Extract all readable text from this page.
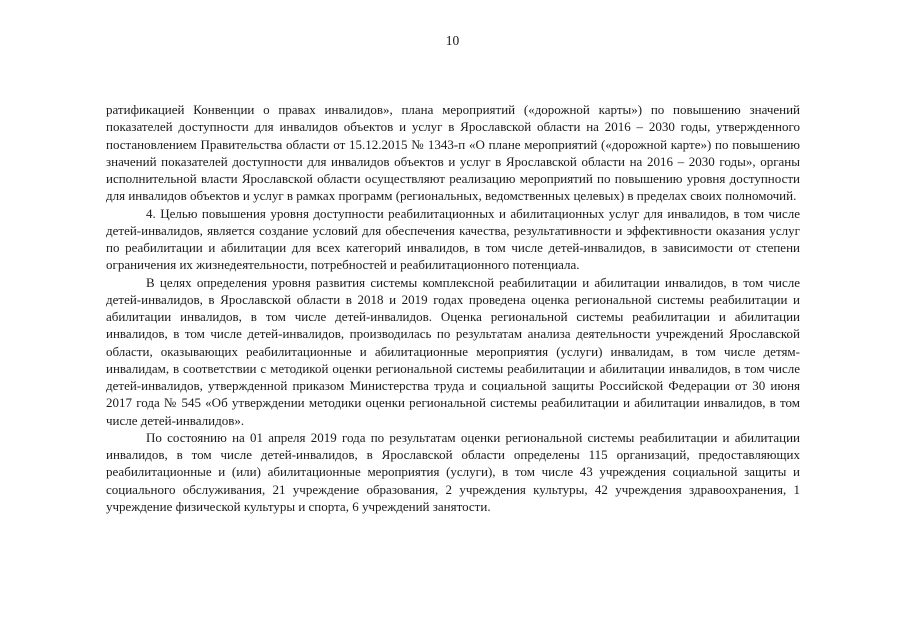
10

ратификацией Конвенции о правах инвалидов», плана мероприятий («дорожной карты») по повышению значений показателей доступности для инвалидов объектов и услуг в Ярославской области на 2016 – 2030 годы, утвержденного постановлением Правительства области от 15.12.2015 № 1343-п «О плане мероприятий («дорожной карте») по повышению значений показателей доступности для инвалидов объектов и услуг в Ярославской области на 2016 – 2030 годы», органы исполнительной власти Ярославской области осуществляют реализацию мероприятий по повышению уровня доступности для инвалидов объектов и услуг в рамках программ (региональных, ведомственных целевых) в пределах своих полномочий.

4. Целью повышения уровня доступности реабилитационных и абилитационных услуг для инвалидов, в том числе детей-инвалидов, является создание условий для обеспечения качества, результативности и эффективности оказания услуг по реабилитации и абилитации для всех категорий инвалидов, в том числе детей-инвалидов, в зависимости от степени ограничения их жизнедеятельности, потребностей и реабилитационного потенциала.

В целях определения уровня развития системы комплексной реабилитации и абилитации инвалидов, в том числе детей-инвалидов, в Ярославской области в 2018 и 2019 годах проведена оценка региональной системы реабилитации и абилитации инвалидов, в том числе детей-инвалидов. Оценка региональной системы реабилитации и абилитации инвалидов, в том числе детей-инвалидов, производилась по результатам анализа деятельности учреждений Ярославской области, оказывающих реабилитационные и абилитационные мероприятия (услуги) инвалидам, в том числе детям-инвалидам, в соответствии с методикой оценки региональной системы реабилитации и абилитации инвалидов, в том числе детей-инвалидов, утвержденной приказом Министерства труда и социальной защиты Российской Федерации от 30 июня 2017 года № 545 «Об утверждении методики оценки региональной системы реабилитации и абилитации инвалидов, в том числе детей-инвалидов».

По состоянию на 01 апреля 2019 года по результатам оценки региональной системы реабилитации и абилитации инвалидов, в том числе детей-инвалидов, в Ярославской области определены 115 организаций, предоставляющих реабилитационные и (или) абилитационные мероприятия (услуги), в том числе 43 учреждения социальной защиты и социального обслуживания, 21 учреждение образования, 2 учреждения культуры, 42 учреждения здравоохранения, 1 учреждение физической культуры и спорта, 6 учреждений занятости.
